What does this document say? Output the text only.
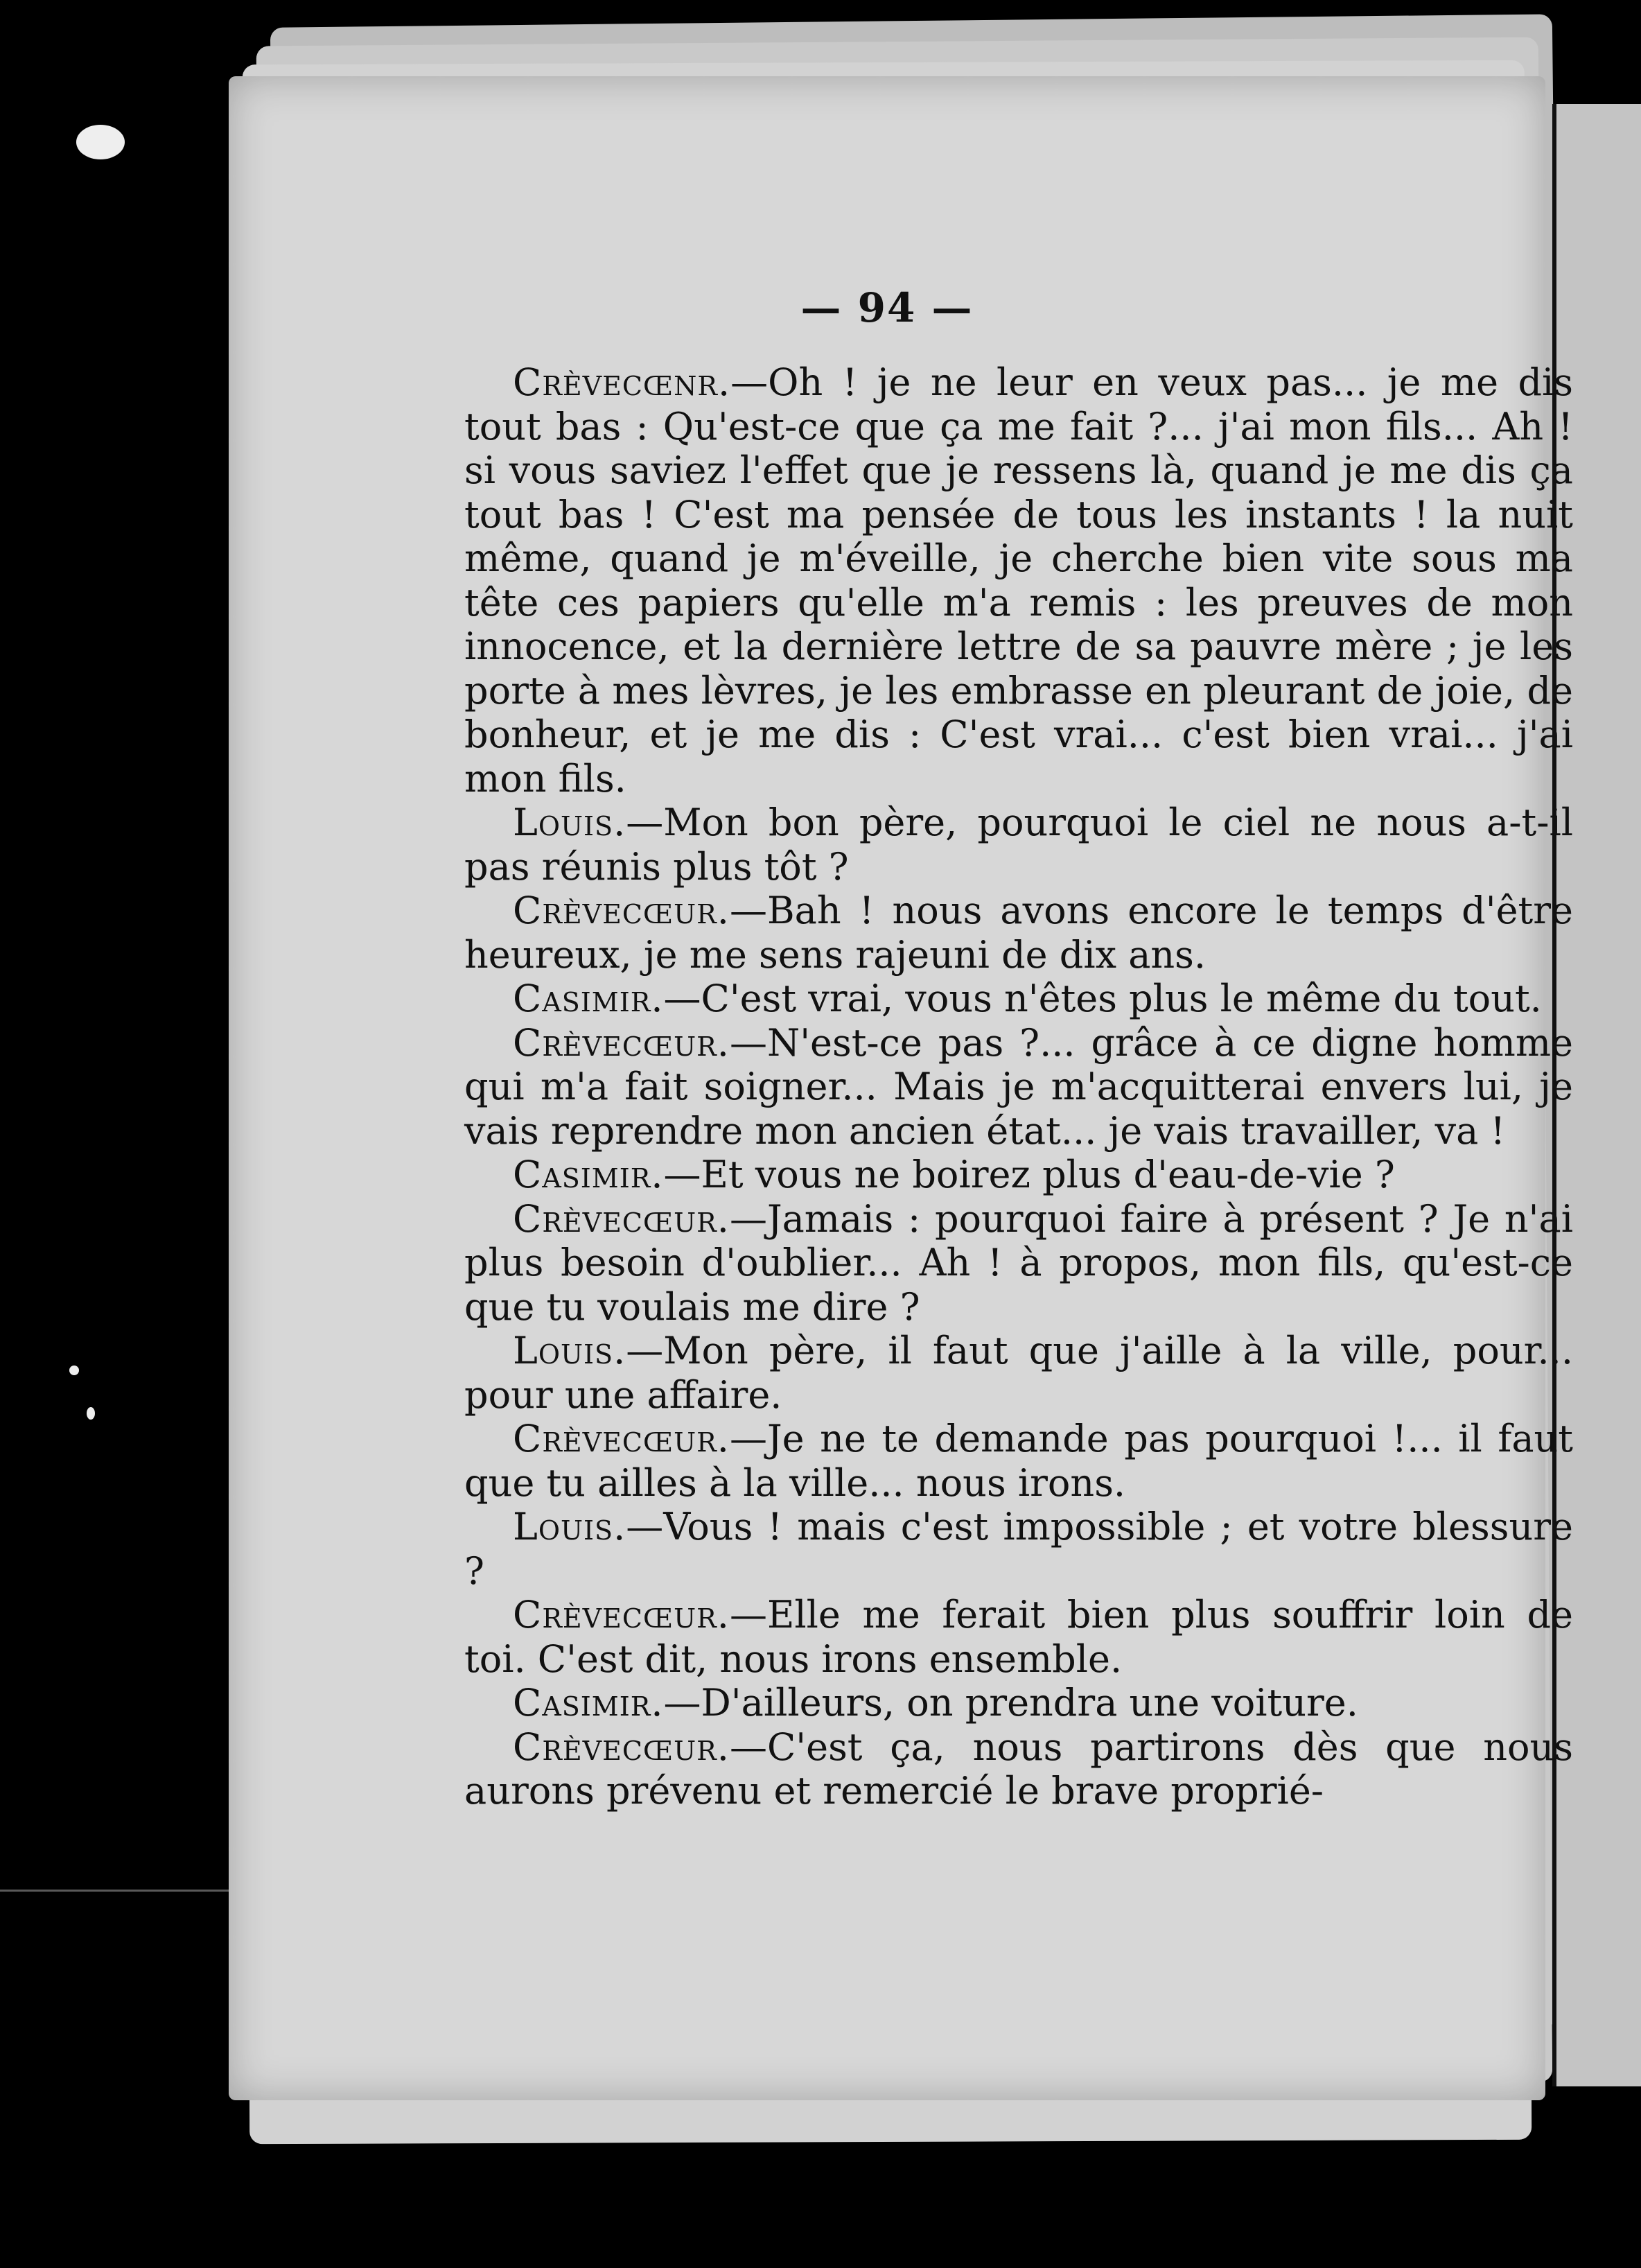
— 94 —

Crèvecœnr.—Oh ! je ne leur en veux pas... je me dis tout bas : Qu'est-ce que ça me fait ?... j'ai mon fils... Ah ! si vous saviez l'effet que je ressens là, quand je me dis ça tout bas ! C'est ma pensée de tous les instants ! la nuit même, quand je m'éveille, je cherche bien vite sous ma tête ces papiers qu'elle m'a remis : les preuves de mon innocence, et la dernière lettre de sa pauvre mère ; je les porte à mes lèvres, je les embrasse en pleurant de joie, de bonheur, et je me dis : C'est vrai... c'est bien vrai... j'ai mon fils.

Louis.—Mon bon père, pourquoi le ciel ne nous a-t-il pas réunis plus tôt ?

Crèvecœur.—Bah ! nous avons encore le temps d'être heureux, je me sens rajeuni de dix ans.

Casimir.—C'est vrai, vous n'êtes plus le même du tout.

Crèvecœur.—N'est-ce pas ?... grâce à ce digne homme qui m'a fait soigner... Mais je m'acquitterai envers lui, je vais reprendre mon ancien état... je vais travailler, va !

Casimir.—Et vous ne boirez plus d'eau-de-vie ?

Crèvecœur.—Jamais : pourquoi faire à présent ? Je n'ai plus besoin d'oublier... Ah ! à propos, mon fils, qu'est-ce que tu voulais me dire ?

Louis.—Mon père, il faut que j'aille à la ville, pour... pour une affaire.

Crèvecœur.—Je ne te demande pas pourquoi !... il faut que tu ailles à la ville... nous irons.

Louis.—Vous ! mais c'est impossible ; et votre blessure ?

Crèvecœur.—Elle me ferait bien plus souffrir loin de toi. C'est dit, nous irons ensemble.

Casimir.—D'ailleurs, on prendra une voiture.

Crèvecœur.—C'est ça, nous partirons dès que nous aurons prévenu et remercié le brave proprié-
